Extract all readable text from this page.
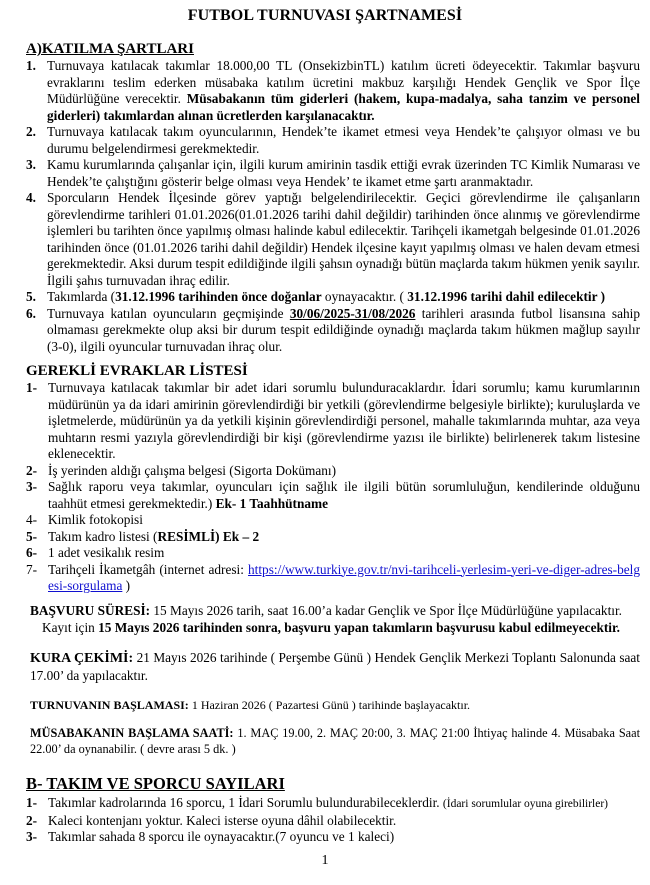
FUTBOL TURNUVASI ŞARTNAMESİ
A)KATILMA ŞARTLARI
1. Turnuvaya katılacak takımlar 18.000,00 TL (OnsekizbinTL) katılım ücreti ödeyecektir. Takımlar başvuru evraklarını teslim ederken müsabaka katılım ücretini makbuz karşılığı Hendek Gençlik ve Spor İlçe Müdürlüğüne verecektir. Müsabakanın tüm giderleri (hakem, kupa-madalya, saha tanzim ve personel giderleri) takımlardan alınan ücretlerden karşılanacaktır.
2. Turnuvaya katılacak takım oyuncularının, Hendek’te ikamet etmesi veya Hendek’te çalışıyor olması ve bu durumu belgelendirmesi gerekmektedir.
3. Kamu kurumlarında çalışanlar için, ilgili kurum amirinin tasdik ettiği evrak üzerinden TC Kimlik Numarası ve Hendek’te çalıştığını gösterir belge olması veya Hendek’ te ikamet etme şartı aranmaktadır.
4. Sporcuların Hendek İlçesinde görev yaptığı belgelendirilecektir. Geçici görevlendirme ile çalışanların görevlendirme tarihleri 01.01.2026(01.01.2026 tarihi dahil değildir) tarihinden önce alınmış ve görevlendirme işlemleri bu tarihten önce yapılmış olması halinde kabul edilecektir. Tarihçeli ikametgah belgesinde 01.01.2026 tarihinden önce (01.01.2026 tarihi dahil değildir) Hendek ilçesine kayıt yapılmış olması ve halen devam etmesi gerekmektedir. Aksi durum tespit edildiğinde ilgili şahsın oynadığı bütün maçlarda takım hükmen yenik sayılır. İlgili şahıs turnuvadan ihraç edilir.
5. Takımlarda (31.12.1996 tarihinden önce doğanlar oynayacaktır. ( 31.12.1996 tarihi dahil edilecektir )
6. Turnuvaya katılan oyuncuların geçmişinde 30/06/2025-31/08/2026 tarihleri arasında futbol lisansına sahip olmaması gerekmekte olup aksi bir durum tespit edildiğinde oynadığı maçlarda takım hükmen mağlup sayılır (3-0), ilgili oyuncular turnuvadan ihraç olur.
GEREKLİ EVRAKLAR LİSTESİ
1- Turnuvaya katılacak takımlar bir adet idari sorumlu bulunduracaklardır. İdari sorumlu; kamu kurumlarının müdürünün ya da idari amirinin görevlendirdiği bir yetkili (görevlendirme belgesiyle birlikte); kuruluşlarda ve işletmelerde, müdürünün ya da yetkili kişinin görevlendirdiği personel, mahalle takımlarında muhtar, aza veya muhtarın resmi yazıyla görevlendirdiği bir kişi (görevlendirme yazısı ile birlikte) belirlenerek takım listesine eklenecektir.
2- İş yerinden aldığı çalışma belgesi (Sigorta Dokümanı)
3- Sağlık raporu veya takımlar, oyuncuları için sağlık ile ilgili bütün sorumluluğun, kendilerinde olduğunu taahhüt etmesi gerekmektedir.) Ek- 1 Taahhütname
4- Kimlik fotokopisi
5- Takım kadro listesi (RESİMLİ) Ek – 2
6- 1 adet vesikalık resim
7- Tarihçeli İkametgâh (internet adresi: https://www.turkiye.gov.tr/nvi-tarihceli-yerlesim-yeri-ve-diger-adres-belgesi-sorgulama )
BAŞVURU SÜRESİ: 15 Mayıs 2026 tarih, saat 16.00’a kadar Gençlik ve Spor İlçe Müdürlüğüne yapılacaktır.
Kayıt için 15 Mayıs 2026 tarihinden sonra, başvuru yapan takımların başvurusu kabul edilmeyecektir.
KURA ÇEKİMİ: 21 Mayıs 2026 tarihinde ( Perşembe Günü ) Hendek Gençlik Merkezi Toplantı Salonunda saat 17.00’ da yapılacaktır.
TURNUVANIN BAŞLAMASI: 1 Haziran 2026 ( Pazartesi Günü ) tarihinde başlayacaktır.
MÜSABAKANIN BAŞLAMA SAATİ: 1. MAÇ 19.00, 2. MAÇ 20:00, 3. MAÇ 21:00 İhtiyaç halinde 4. Müsabaka Saat 22.00’ da oynanabilir. ( devre arası 5 dk. )
B- TAKIM VE SPORCU SAYILARI
1- Takımlar kadrolarında 16 sporcu, 1 İdari Sorumlu bulundurabileceklerdir. (İdari sorumlular oyuna girebilirler)
2- Kaleci kontenjanı yoktur. Kaleci isterse oyuna dâhil olabilecektir.
3- Takımlar sahada 8 sporcu ile oynayacaktır.(7 oyuncu ve 1 kaleci)
1
